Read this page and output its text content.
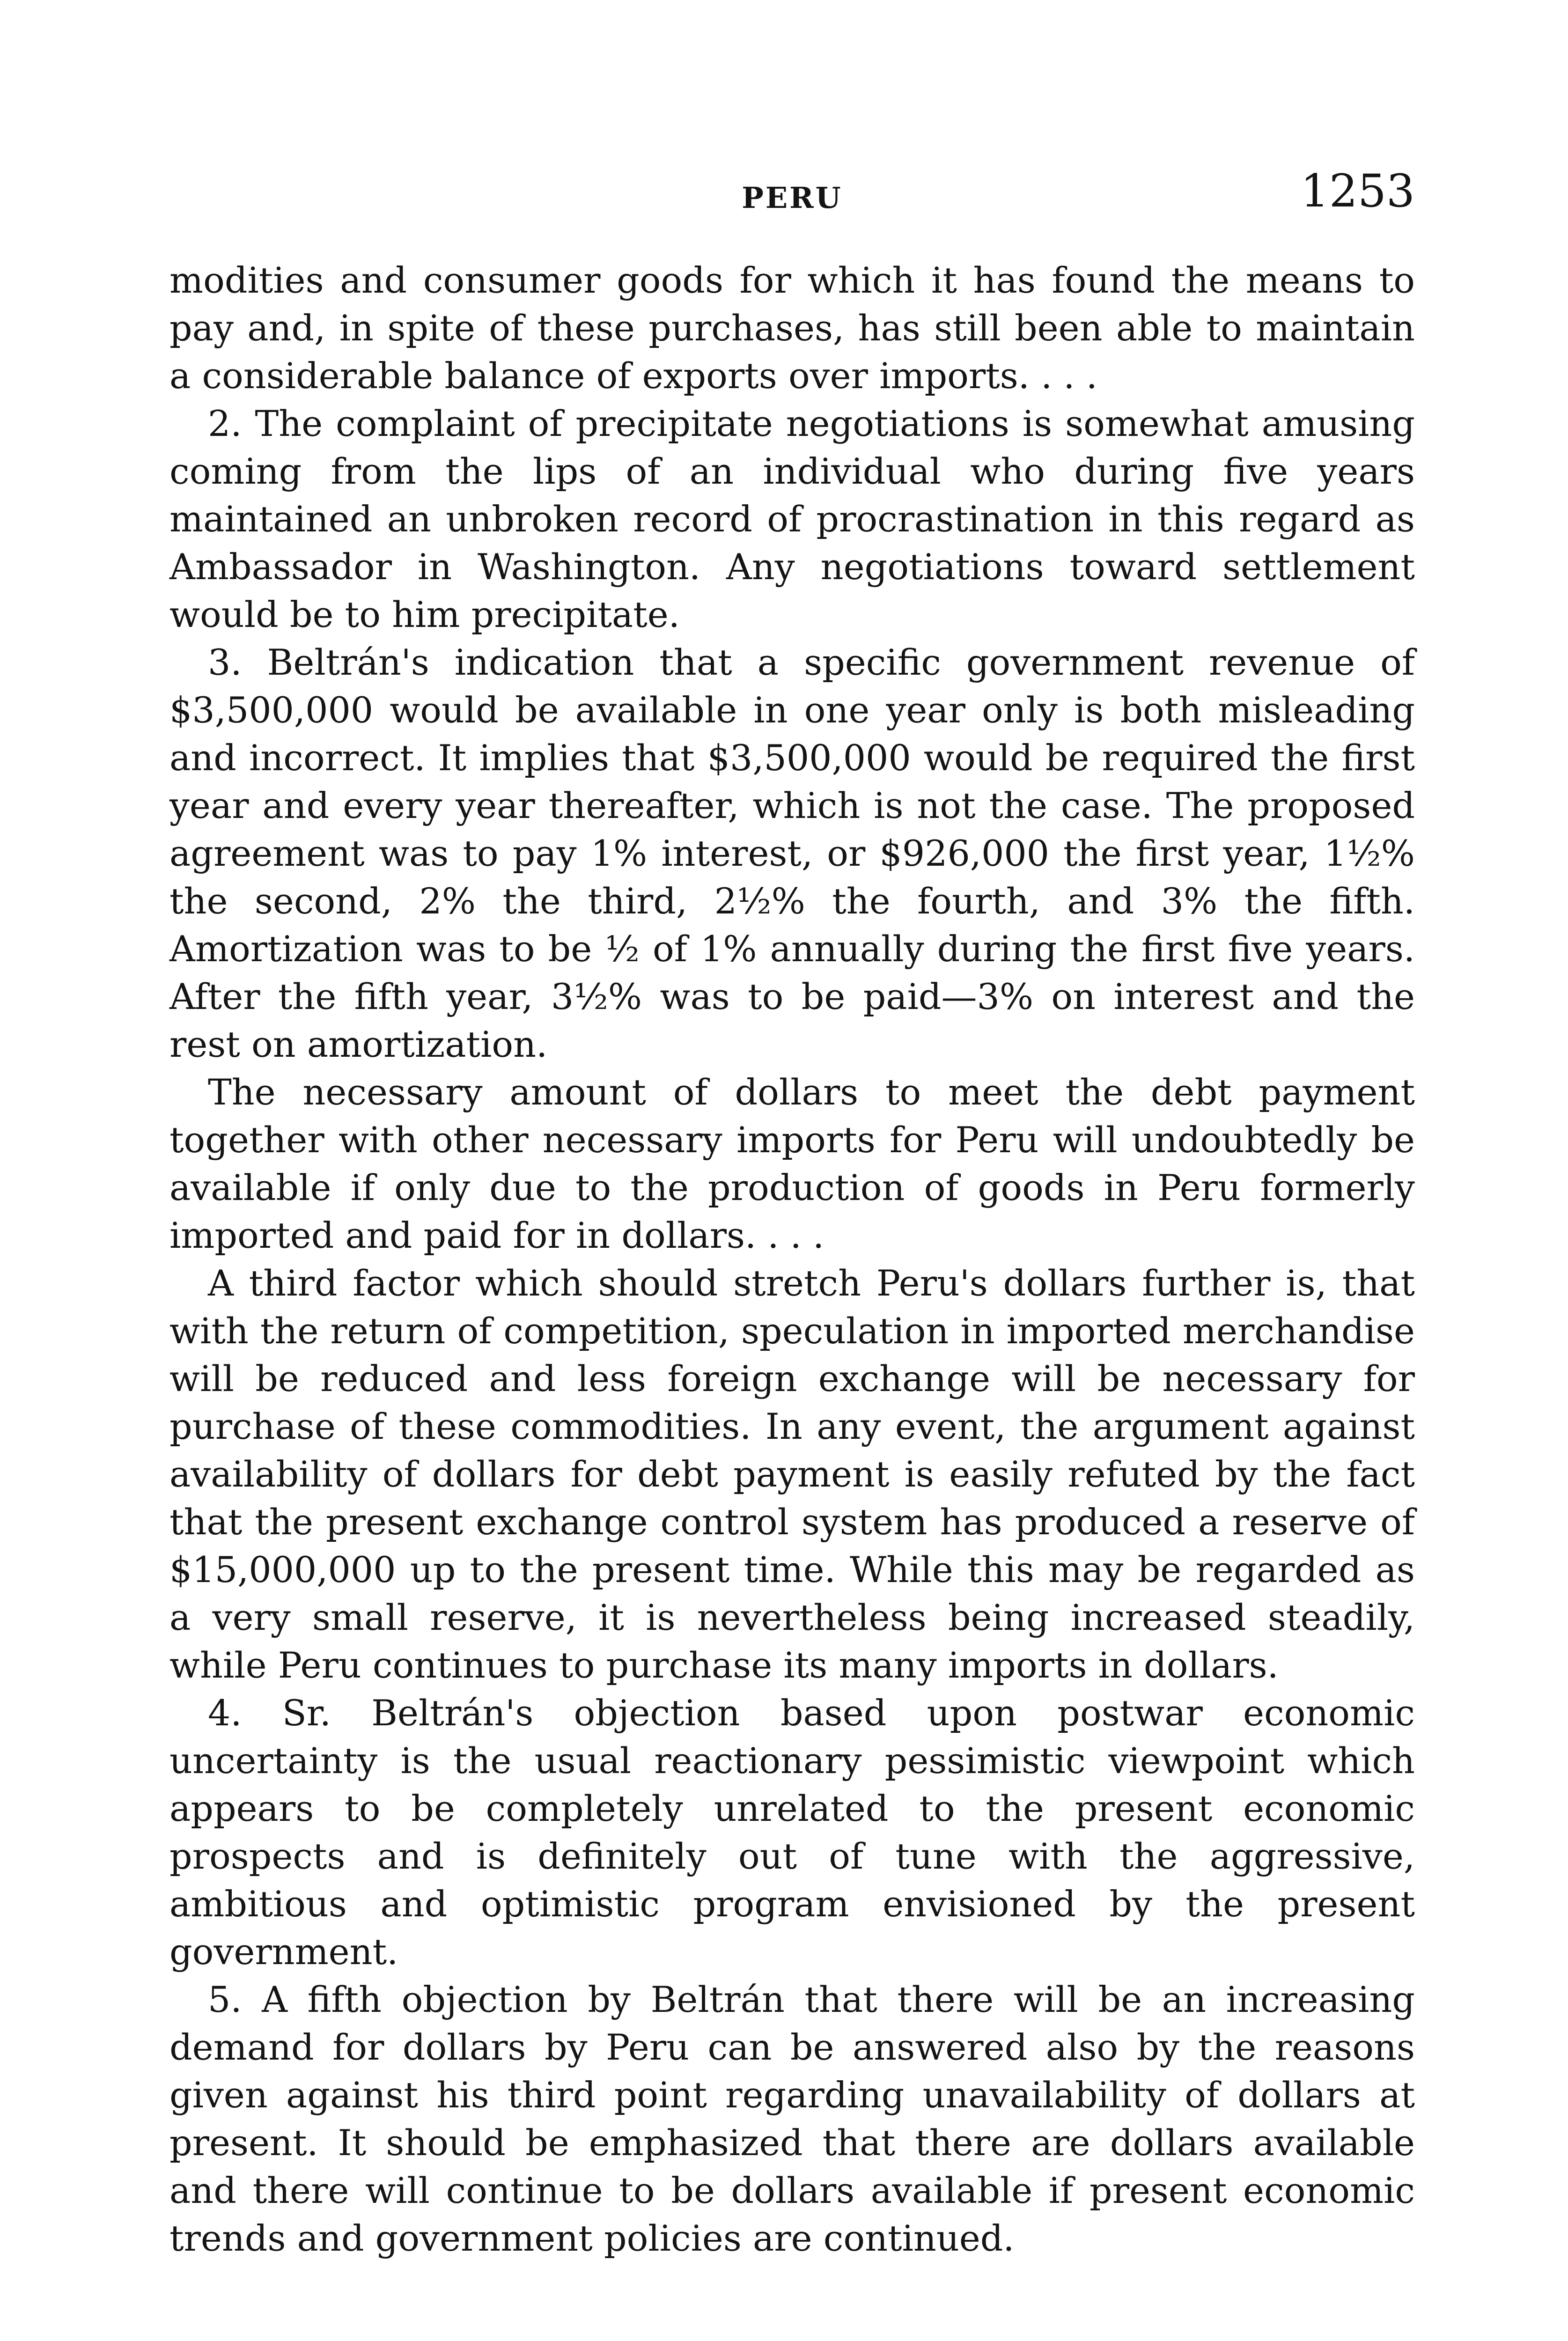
PERU	1253

modities and consumer goods for which it has found the means to pay and, in spite of these purchases, has still been able to maintain a considerable balance of exports over imports. . . .

2. The complaint of precipitate negotiations is somewhat amusing coming from the lips of an individual who during five years maintained an unbroken record of procrastination in this regard as Ambassador in Washington. Any negotiations toward settlement would be to him precipitate.

3. Beltrán's indication that a specific government revenue of $3,500,000 would be available in one year only is both misleading and incorrect. It implies that $3,500,000 would be required the first year and every year thereafter, which is not the case. The proposed agreement was to pay 1% interest, or $926,000 the first year, 1½% the second, 2% the third, 2½% the fourth, and 3% the fifth. Amortization was to be ½ of 1% annually during the first five years. After the fifth year, 3½% was to be paid—3% on interest and the rest on amortization.

The necessary amount of dollars to meet the debt payment together with other necessary imports for Peru will undoubtedly be available if only due to the production of goods in Peru formerly imported and paid for in dollars. . . .

A third factor which should stretch Peru's dollars further is, that with the return of competition, speculation in imported merchandise will be reduced and less foreign exchange will be necessary for purchase of these commodities. In any event, the argument against availability of dollars for debt payment is easily refuted by the fact that the present exchange control system has produced a reserve of $15,000,000 up to the present time. While this may be regarded as a very small reserve, it is nevertheless being increased steadily, while Peru continues to purchase its many imports in dollars.

4. Sr. Beltrán's objection based upon postwar economic uncertainty is the usual reactionary pessimistic viewpoint which appears to be completely unrelated to the present economic prospects and is definitely out of tune with the aggressive, ambitious and optimistic program envisioned by the present government.

5. A fifth objection by Beltrán that there will be an increasing demand for dollars by Peru can be answered also by the reasons given against his third point regarding unavailability of dollars at present. It should be emphasized that there are dollars available and there will continue to be dollars available if present economic trends and government policies are continued.
